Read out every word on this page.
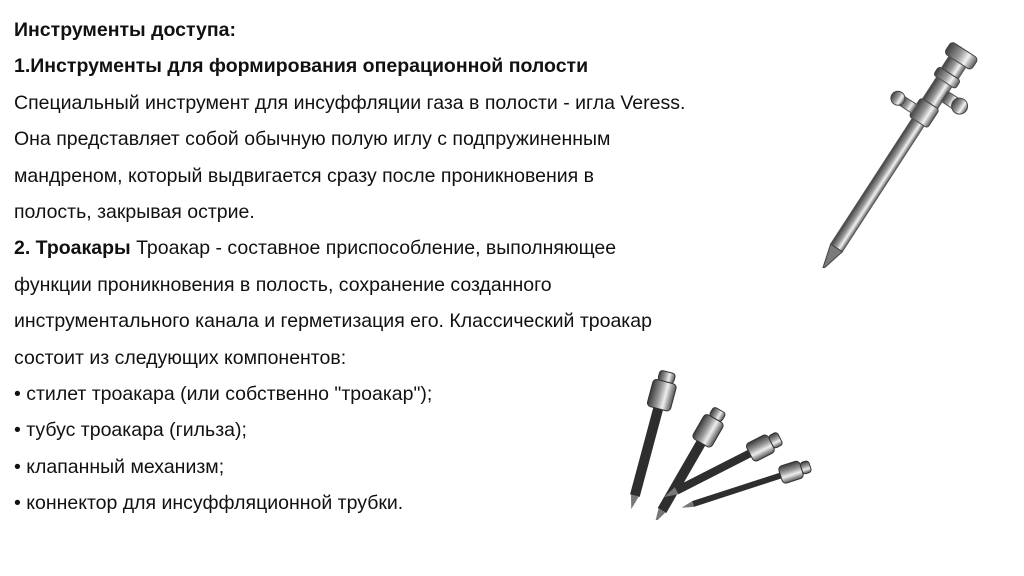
Инструменты доступа:
1.Инструменты для формирования операционной полости
Специальный инструмент для инсуффляции газа в полости - игла Veress.
Она представляет собой обычную полую иглу с подпружиненным
мандреном, который выдвигается сразу после проникновения в
полость, закрывая острие.
2. Троакары Троакар - составное приспособление, выполняющее
функции проникновения в полость, сохранение созданного
инструментального канала и герметизация его. Классический троакар
состоит из следующих компонентов:
• стилет троакара (или собственно "троакар");
• тубус троакара (гильза);
• клапанный механизм;
• коннектор для инсуффляционной трубки.
